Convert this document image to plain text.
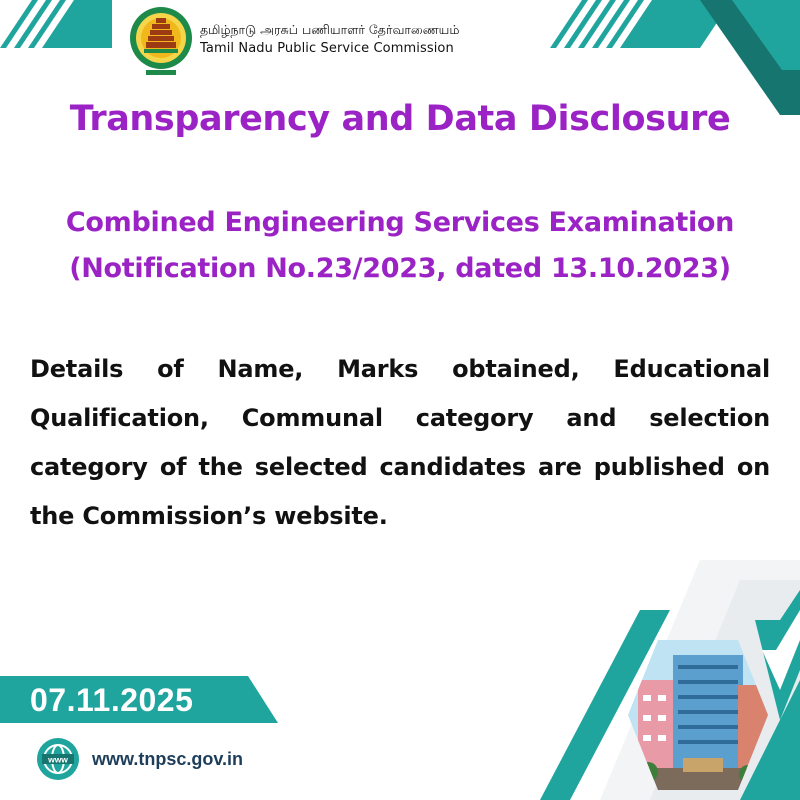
தமிழ்நாடு அரசுப் பணியாளர் தேர்வாணையம்
Tamil Nadu Public Service Commission
Transparency and Data Disclosure
Combined Engineering Services Examination
(Notification No.23/2023, dated 13.10.2023)

Details of Name, Marks obtained, Educational Qualification, Communal category and selection category of the selected candidates are published on the Commission’s website.

07.11.2025
www www.tnpsc.gov.in
